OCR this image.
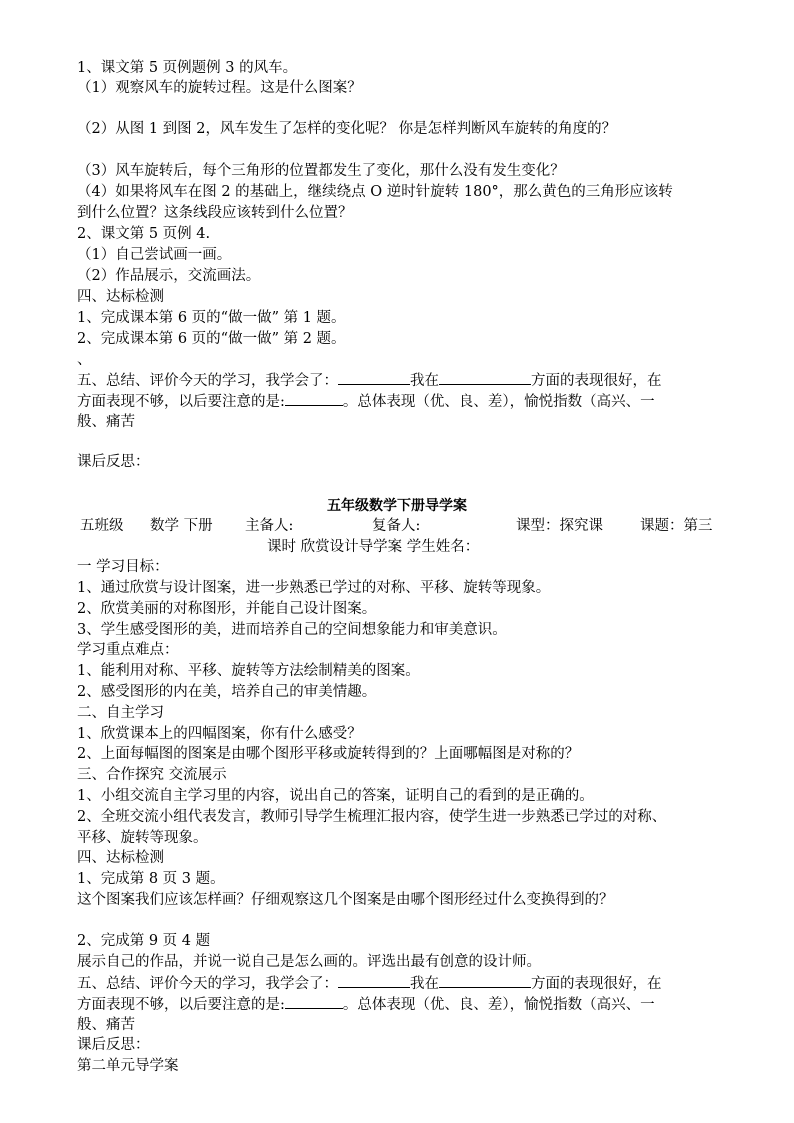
1、课文第 5 页例题例 3 的风车。
（1）观察风车的旋转过程。这是什么图案？
（2）从图 1 到图 2，风车发生了怎样的变化呢？ 你是怎样判断风车旋转的角度的？
（3）风车旋转后，每个三角形的位置都发生了变化，那什么没有发生变化？
（4）如果将风车在图 2 的基础上，继续绕点 O 逆时针旋转 180°，那么黄色的三角形应该转
到什么位置？这条线段应该转到什么位置？
2、课文第 5 页例 4.
（1）自己尝试画一画。
（2）作品展示，交流画法。
四、达标检测
1、完成课本第 6 页的“做一做” 第 1 题。
2、完成课本第 6 页的“做一做” 第 2 题。
、
五、总结、评价今天的学习，我学会了：	我在	方面的表现很好，在
方面表现不够，以后要注意的是:	。总体表现（优、良、差），愉悦指数（高兴、一
般、痛苦
课后反思：
五年级数学下册导学案
五班级 数学 下册 主备人:	复备人:	课型：探究课	课题：第三
课时 欣赏设计导学案 学生姓名：
一 学习目标：
1、通过欣赏与设计图案，进一步熟悉已学过的对称、平移、旋转等现象。
2、欣赏美丽的对称图形，并能自己设计图案。
3、学生感受图形的美，进而培养自己的空间想象能力和审美意识。
学习重点难点：
1、能利用对称、平移、旋转等方法绘制精美的图案。
2、感受图形的内在美，培养自己的审美情趣。
二、自主学习
1、欣赏课本上的四幅图案，你有什么感受？
2、上面每幅图的图案是由哪个图形平移或旋转得到的？上面哪幅图是对称的？
三、合作探究 交流展示
1、小组交流自主学习里的内容，说出自己的答案，证明自己的看到的是正确的。
2、全班交流小组代表发言，教师引导学生梳理汇报内容，使学生进一步熟悉已学过的对称、
平移、旋转等现象。
四、达标检测
1、完成第 8 页 3 题。
这个图案我们应该怎样画？仔细观察这几个图案是由哪个图形经过什么变换得到的？
2、完成第 9 页 4 题
展示自己的作品，并说一说自己是怎么画的。评选出最有创意的设计师。
五、总结、评价今天的学习，我学会了：	我在	方面的表现很好，在
方面表现不够，以后要注意的是:	。总体表现（优、良、差），愉悦指数（高兴、一
般、痛苦
课后反思：
第二单元导学案
